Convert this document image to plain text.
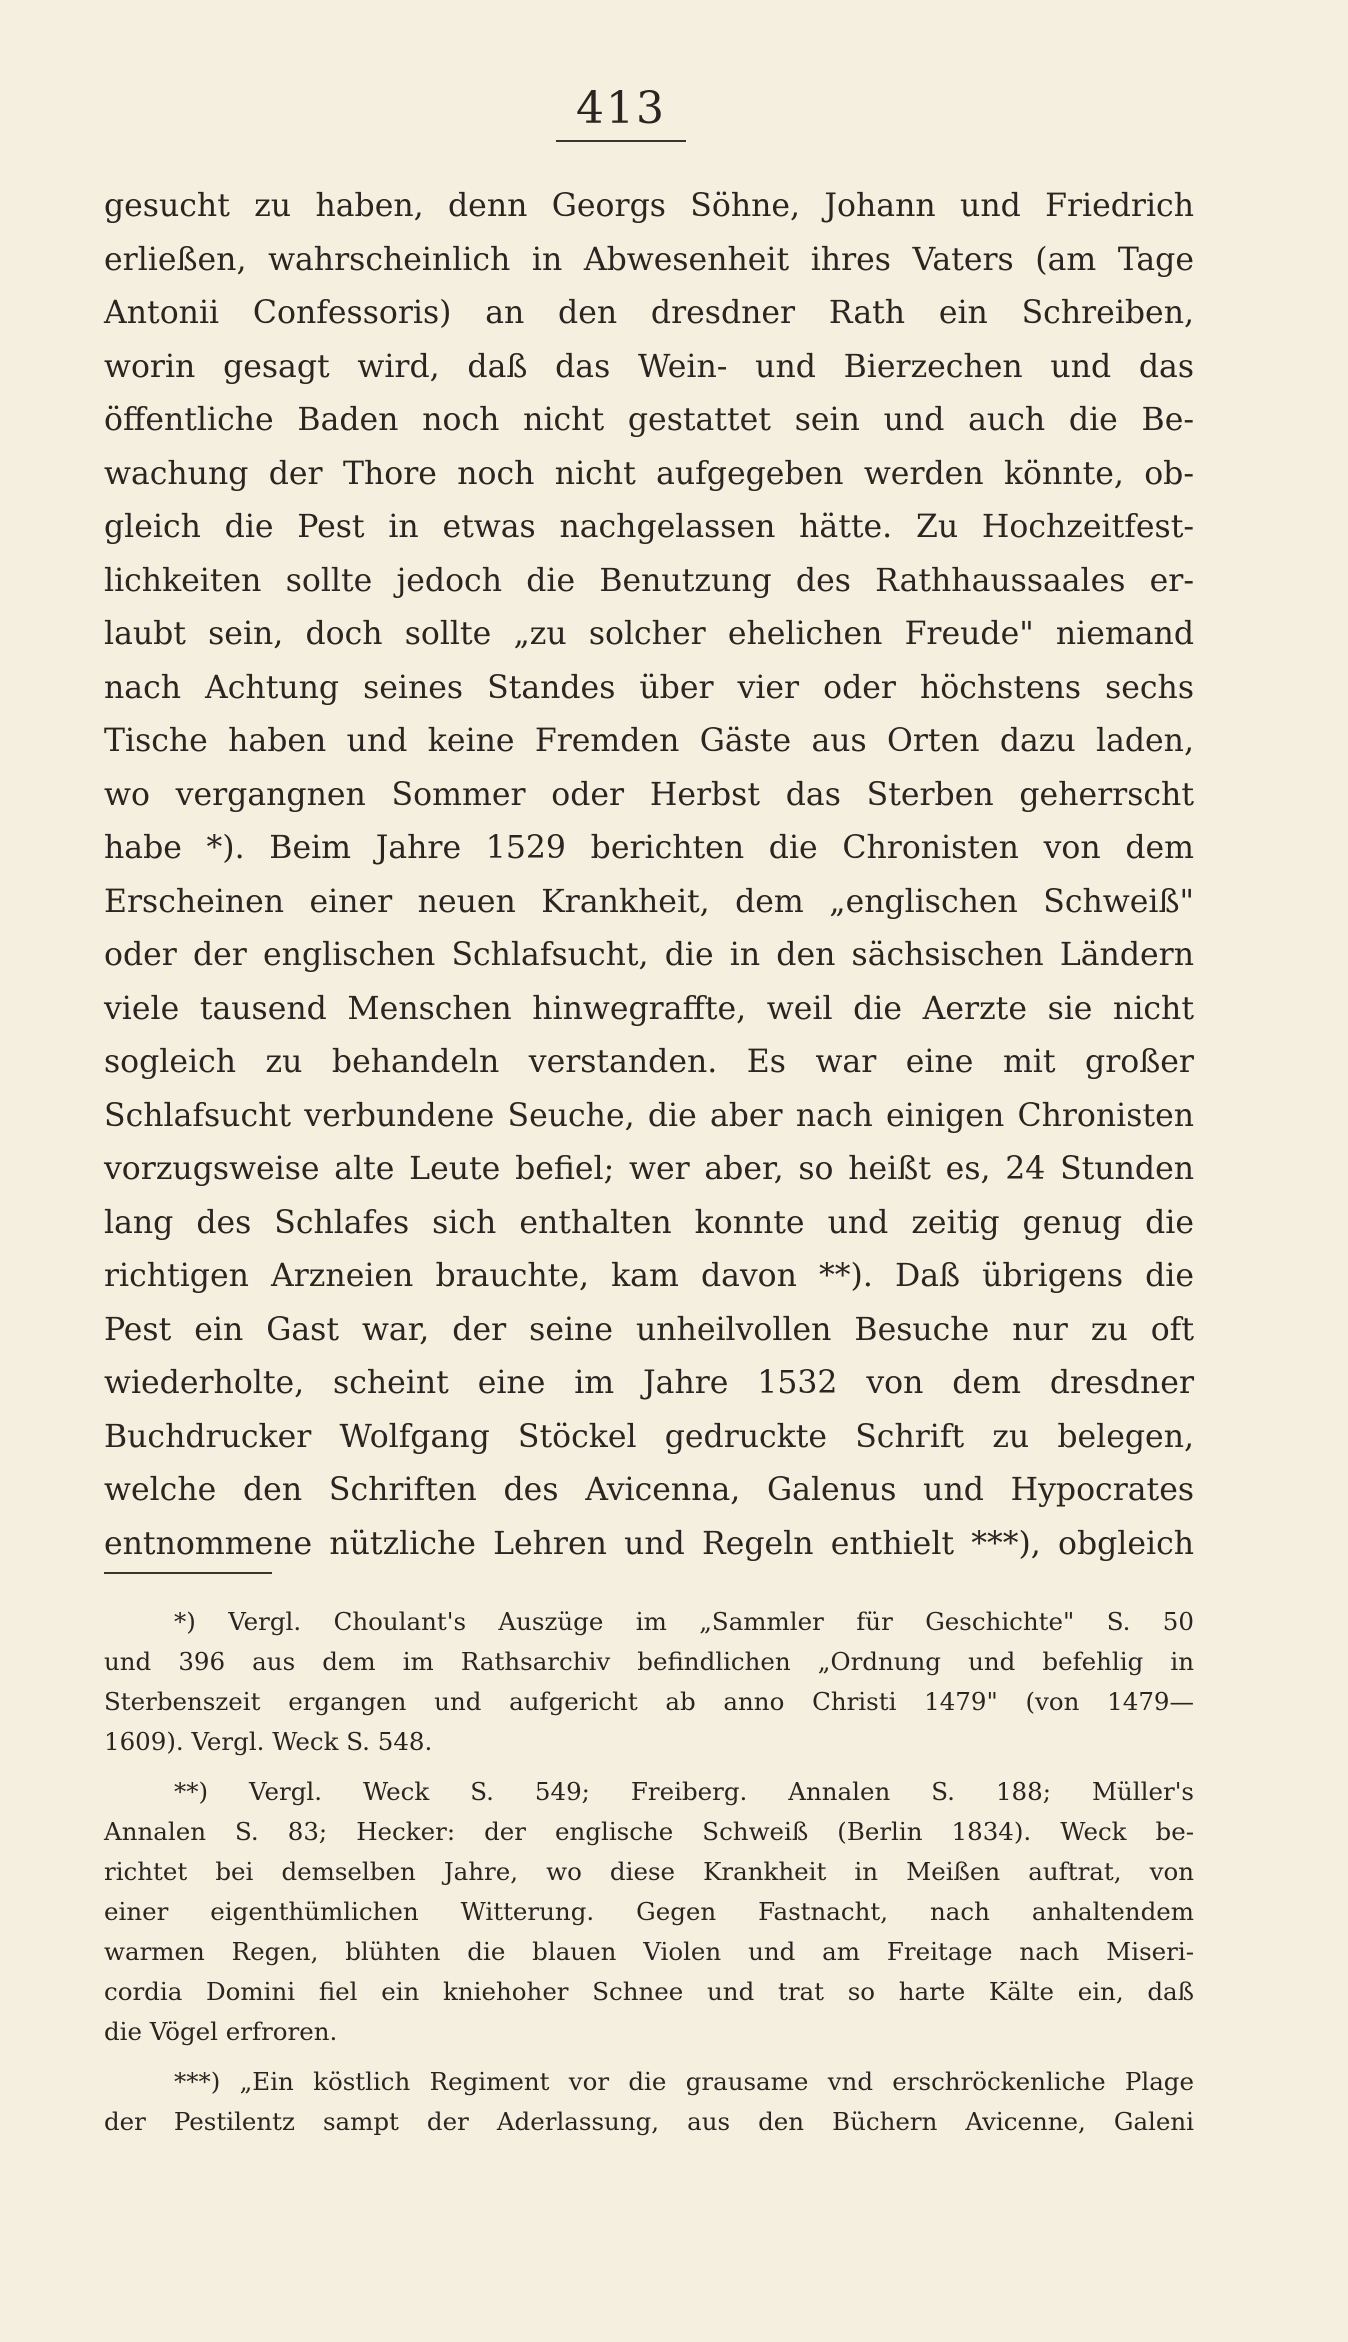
413
gesucht zu haben, denn Georgs Söhne, Johann und Friedrich
erließen, wahrscheinlich in Abwesenheit ihres Vaters (am Tage
Antonii Confessoris) an den dresdner Rath ein Schreiben,
worin gesagt wird, daß das Wein- und Bierzechen und das
öffentliche Baden noch nicht gestattet sein und auch die Be-
wachung der Thore noch nicht aufgegeben werden könnte, ob-
gleich die Pest in etwas nachgelassen hätte. Zu Hochzeitfest-
lichkeiten sollte jedoch die Benutzung des Rathhaussaales er-
laubt sein, doch sollte „zu solcher ehelichen Freude" niemand
nach Achtung seines Standes über vier oder höchstens sechs
Tische haben und keine Fremden Gäste aus Orten dazu laden,
wo vergangnen Sommer oder Herbst das Sterben geherrscht
habe *). Beim Jahre 1529 berichten die Chronisten von dem
Erscheinen einer neuen Krankheit, dem „englischen Schweiß"
oder der englischen Schlafsucht, die in den sächsischen Ländern
viele tausend Menschen hinwegraffte, weil die Aerzte sie nicht
sogleich zu behandeln verstanden. Es war eine mit großer
Schlafsucht verbundene Seuche, die aber nach einigen Chronisten
vorzugsweise alte Leute befiel; wer aber, so heißt es, 24 Stunden
lang des Schlafes sich enthalten konnte und zeitig genug die
richtigen Arzneien brauchte, kam davon **). Daß übrigens die
Pest ein Gast war, der seine unheilvollen Besuche nur zu oft
wiederholte, scheint eine im Jahre 1532 von dem dresdner
Buchdrucker Wolfgang Stöckel gedruckte Schrift zu belegen,
welche den Schriften des Avicenna, Galenus und Hypocrates
entnommene nützliche Lehren und Regeln enthielt ***), obgleich
*) Vergl. Choulant's Auszüge im „Sammler für Geschichte" S. 50
und 396 aus dem im Rathsarchiv befindlichen „Ordnung und befehlig in
Sterbenszeit ergangen und aufgericht ab anno Christi 1479" (von 1479—
1609). Vergl. Weck S. 548.
**) Vergl. Weck S. 549; Freiberg. Annalen S. 188; Müller's
Annalen S. 83; Hecker: der englische Schweiß (Berlin 1834). Weck be-
richtet bei demselben Jahre, wo diese Krankheit in Meißen auftrat, von
einer eigenthümlichen Witterung. Gegen Fastnacht, nach anhaltendem
warmen Regen, blühten die blauen Violen und am Freitage nach Miseri-
cordia Domini fiel ein kniehoher Schnee und trat so harte Kälte ein, daß
die Vögel erfroren.
***) „Ein köstlich Regiment vor die grausame vnd erschröckenliche Plage
der Pestilentz sampt der Aderlassung, aus den Büchern Avicenne, Galeni
